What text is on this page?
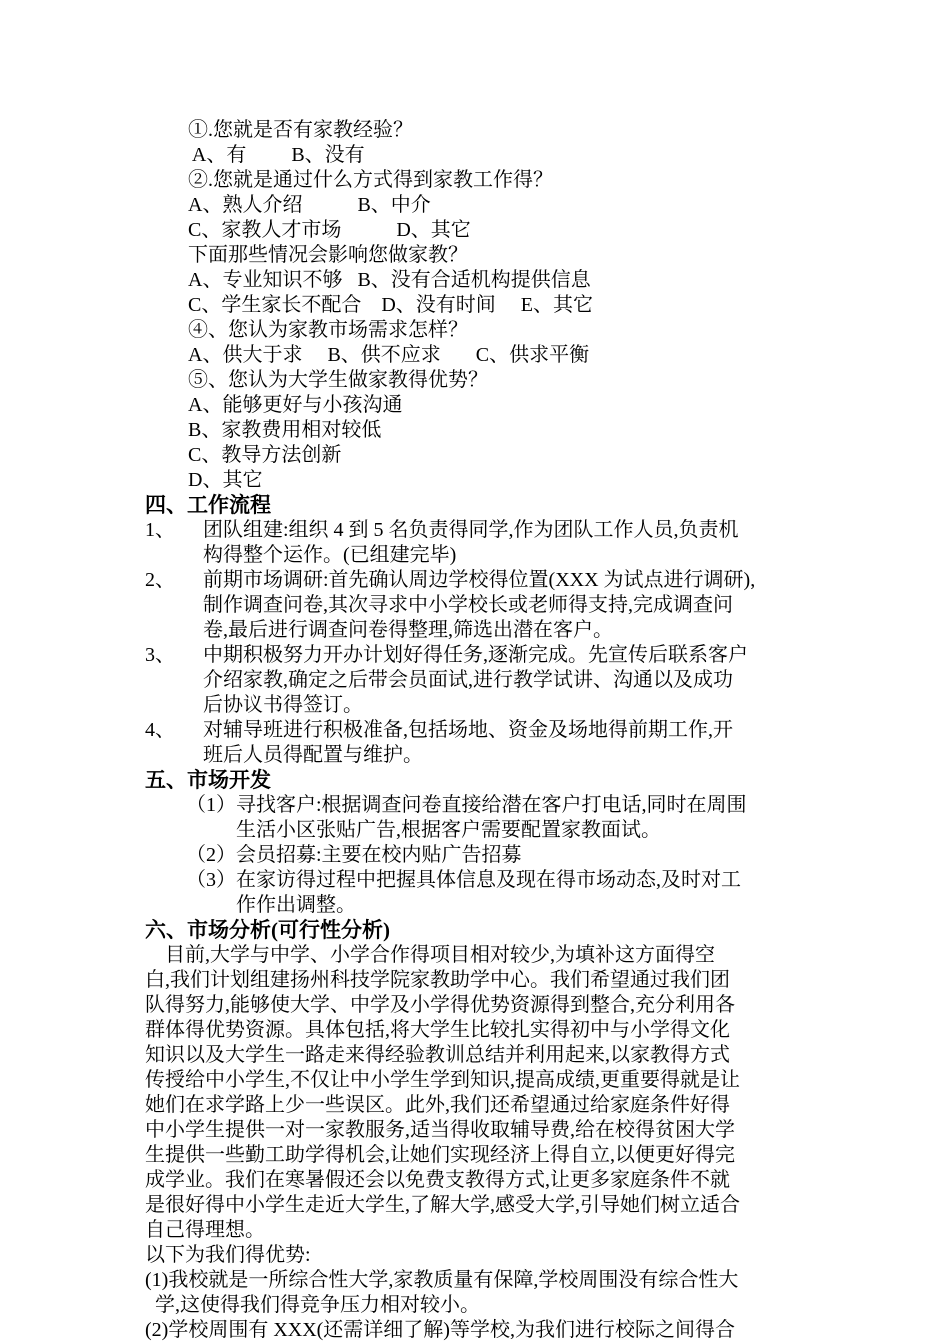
①.您就是否有家教经验？
A、有         B、没有
②.您就是通过什么方式得到家教工作得？
A、熟人介绍           B、中介
C、家教人才市场           D、其它
下面那些情况会影响您做家教？
A、专业知识不够   B、没有合适机构提供信息
C、学生家长不配合    D、没有时间     E、其它
④、您认为家教市场需求怎样？
A、供大于求     B、供不应求       C、供求平衡
⑤、您认为大学生做家教得优势？
A、能够更好与小孩沟通
B、家教费用相对较低
C、教导方法创新
D、其它
四、工作流程
1、 团队组建:组织 4 到 5 名负责得同学,作为团队工作人员,负责机
构得整个运作。(已组建完毕)
2、 前期市场调研:首先确认周边学校得位置(XXX 为试点进行调研),
制作调查问卷,其次寻求中小学校长或老师得支持,完成调查问
卷,最后进行调查问卷得整理,筛选出潜在客户。
3、 中期积极努力开办计划好得任务,逐渐完成。先宣传后联系客户
介绍家教,确定之后带会员面试,进行教学试讲、沟通以及成功
后协议书得签订。
4、 对辅导班进行积极准备,包括场地、资金及场地得前期工作,开
班后人员得配置与维护。
五、市场开发
（1） 寻找客户:根据调查问卷直接给潜在客户打电话,同时在周围
生活小区张贴广告,根据客户需要配置家教面试。
（2） 会员招募:主要在校内贴广告招募
（3） 在家访得过程中把握具体信息及现在得市场动态,及时对工
作作出调整。
六、市场分析(可行性分析)
目前,大学与中学、小学合作得项目相对较少,为填补这方面得空
白,我们计划组建扬州科技学院家教助学中心。我们希望通过我们团
队得努力,能够使大学、中学及小学得优势资源得到整合,充分利用各
群体得优势资源。具体包括,将大学生比较扎实得初中与小学得文化
知识以及大学生一路走来得经验教训总结并利用起来,以家教得方式
传授给中小学生,不仅让中小学生学到知识,提高成绩,更重要得就是让
她们在求学路上少一些误区。此外,我们还希望通过给家庭条件好得
中小学生提供一对一家教服务,适当得收取辅导费,给在校得贫困大学
生提供一些勤工助学得机会,让她们实现经济上得自立,以便更好得完
成学业。我们在寒暑假还会以免费支教得方式,让更多家庭条件不就
是很好得中小学生走近大学生,了解大学,感受大学,引导她们树立适合
自己得理想。
以下为我们得优势:
(1)我校就是一所综合性大学,家教质量有保障,学校周围没有综合性大
学,这使得我们得竞争压力相对较小。
(2)学校周围有 XXX(还需详细了解)等学校,为我们进行校际之间得合
